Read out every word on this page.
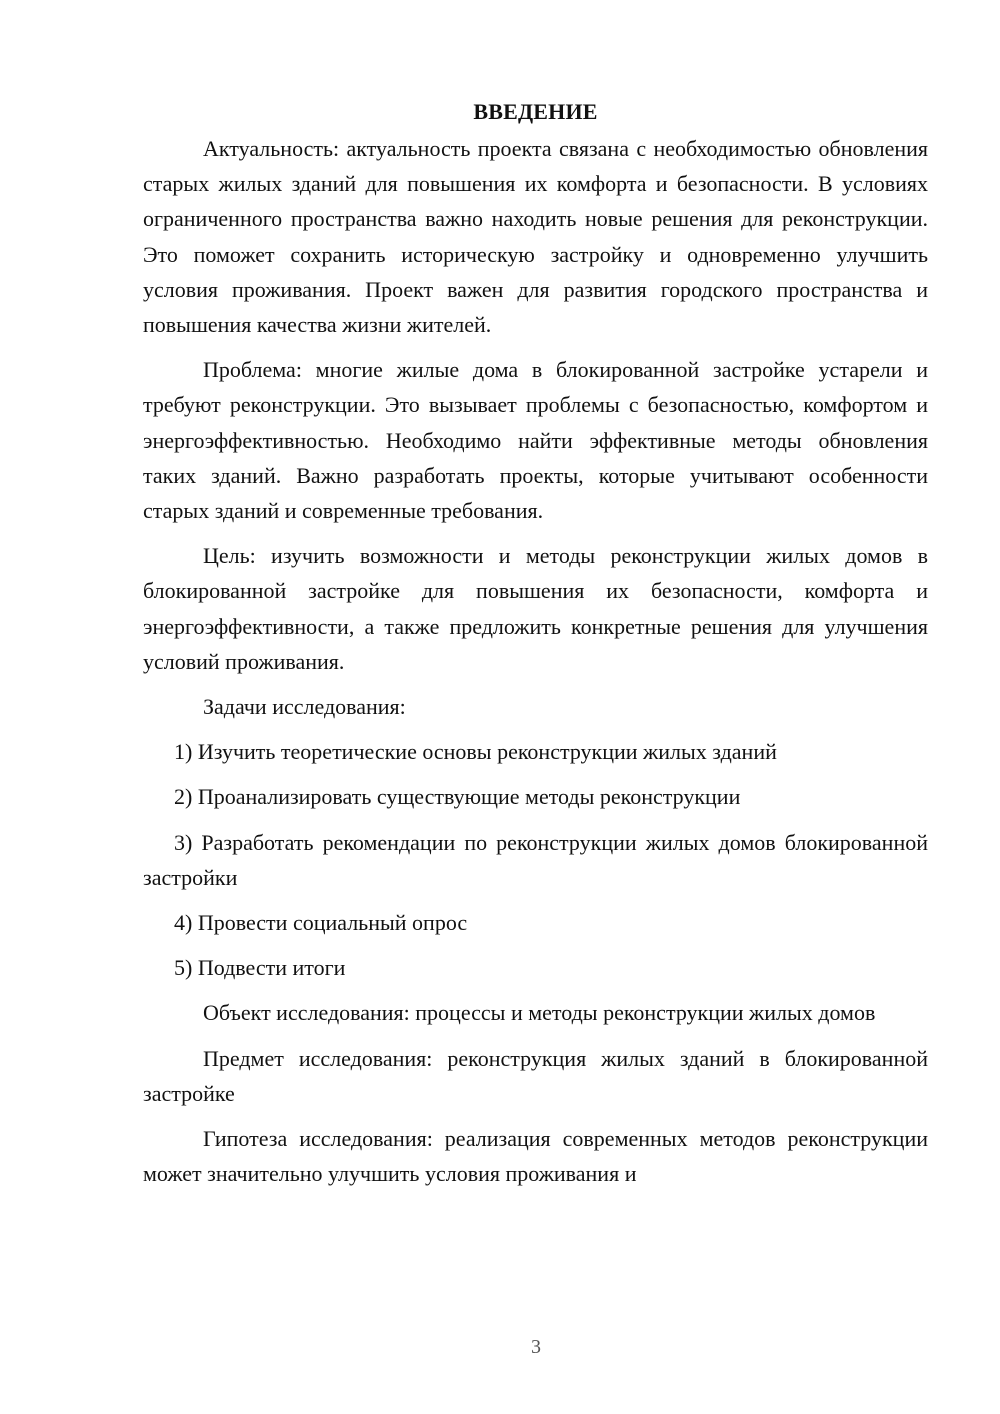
ВВЕДЕНИЕ

Актуальность: актуальность проекта связана с необходимостью обновления старых жилых зданий для повышения их комфорта и безопасности. В условиях ограниченного пространства важно находить новые решения для реконструкции. Это поможет сохранить историческую застройку и одновременно улучшить условия проживания. Проект важен для развития городского пространства и повышения качества жизни жителей.

Проблема: многие жилые дома в блокированной застройке устарели и требуют реконструкции. Это вызывает проблемы с безопасностью, комфортом и энергоэффективностью. Необходимо найти эффективные методы обновления таких зданий. Важно разработать проекты, которые учитывают особенности старых зданий и современные требования.

Цель: изучить возможности и методы реконструкции жилых домов в блокированной застройке для повышения их безопасности, комфорта и энергоэффективности, а также предложить конкретные решения для улучшения условий проживания.

Задачи исследования:

1) Изучить теоретические основы реконструкции жилых зданий

2) Проанализировать существующие методы реконструкции

3) Разработать рекомендации по реконструкции жилых домов блокированной застройки

4) Провести социальный опрос

5) Подвести итоги

Объект исследования: процессы и методы реконструкции жилых домов

Предмет исследования: реконструкция жилых зданий в блокированной застройке

Гипотеза исследования: реализация современных методов реконструкции может значительно улучшить условия проживания и

3
